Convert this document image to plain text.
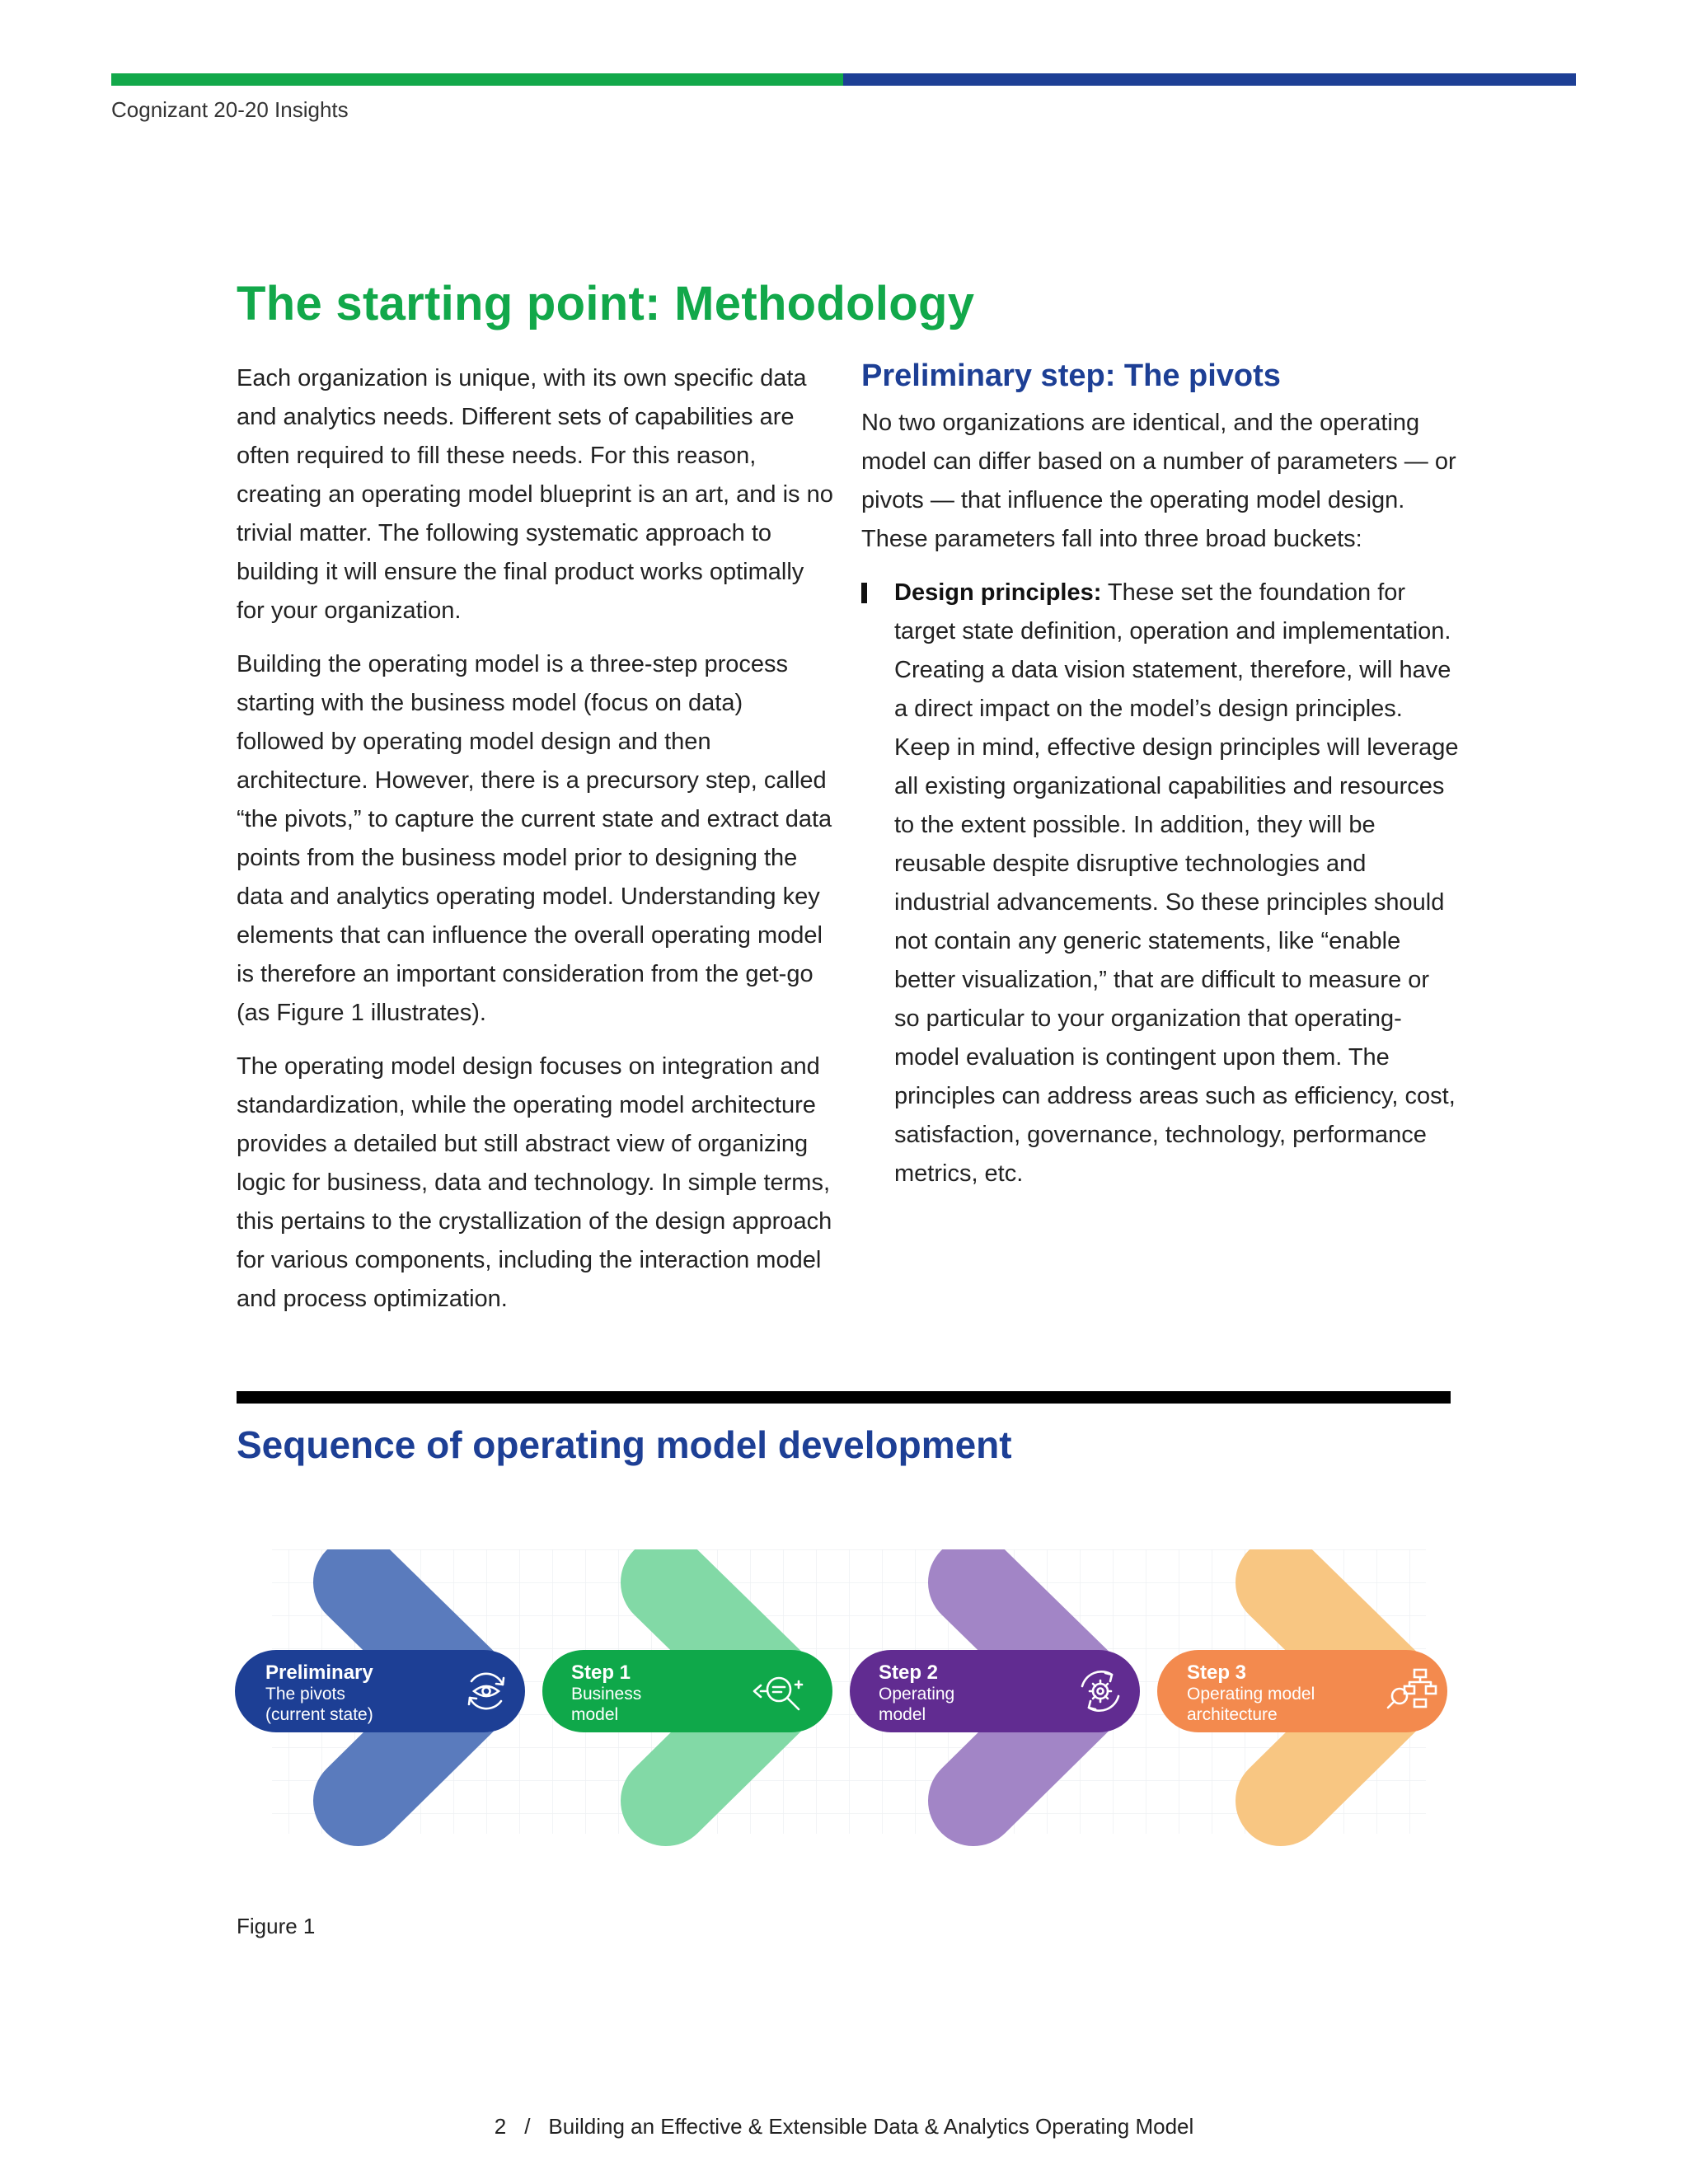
Cognizant 20-20 Insights
The starting point: Methodology

Each organization is unique, with its own specific data and analytics needs. Different sets of capabilities are often required to fill these needs. For this reason, creating an operating model blueprint is an art, and is no trivial matter. The following systematic approach to building it will ensure the final product works optimally for your organization.

Building the operating model is a three-step process starting with the business model (focus on data) followed by operating model design and then architecture. However, there is a precursory step, called “the pivots,” to capture the current state and extract data points from the business model prior to designing the data and analytics operating model. Understanding key elements that can influence the overall operating model is therefore an important consideration from the get-go (as Figure 1 illustrates).

The operating model design focuses on integration and standardization, while the operating model architecture provides a detailed but still abstract view of organizing logic for business, data and technology. In simple terms, this pertains to the crystallization of the design approach for various components, including the interaction model and process optimization.

Preliminary step: The pivots

No two organizations are identical, and the operating model can differ based on a number of parameters — or pivots — that influence the operating model design. These parameters fall into three broad buckets:

Design principles: These set the foundation for target state definition, operation and implementation. Creating a data vision statement, therefore, will have a direct impact on the model’s design principles. Keep in mind, effective design principles will leverage all existing organizational capabilities and resources to the extent possible. In addition, they will be reusable despite disruptive technologies and industrial advancements. So these principles should not contain any generic statements, like “enable better visualization,” that are difficult to measure or so particular to your organization that operating-model evaluation is contingent upon them. The principles can address areas such as efficiency, cost, satisfaction, governance, technology, performance metrics, etc.
Sequence of operating model development
Preliminary
The pivots
(current state)
Step 1
Business
model
Step 2
Operating
model
Step 3
Operating model
architecture
Figure 1
2 / Building an Effective & Extensible Data & Analytics Operating Model
